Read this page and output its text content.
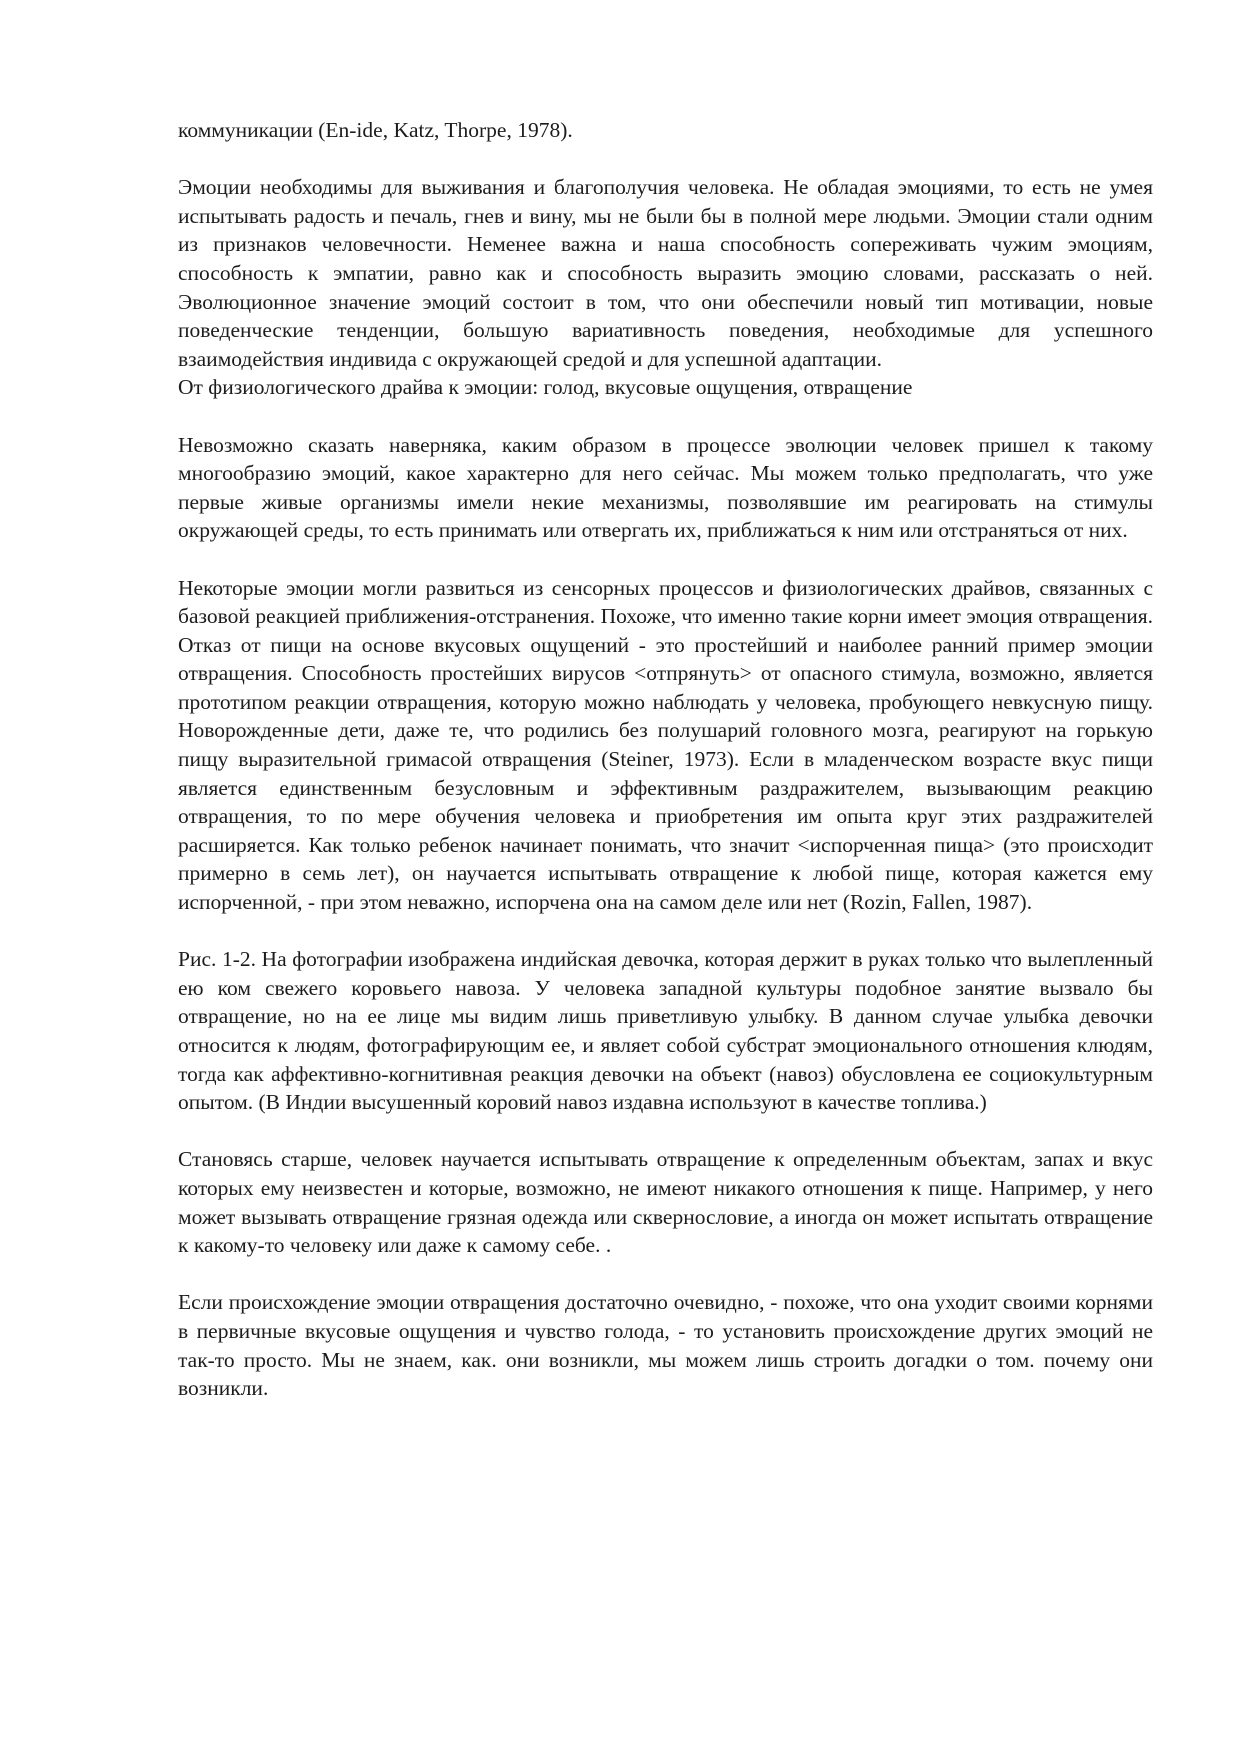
коммуникации (En-ide, Katz, Thorpe, 1978).

Эмоции необходимы для выживания и благополучия человека. Не обладая эмоциями, то есть не умея испытывать радость и печаль, гнев и вину, мы не были бы в полной мере людьми. Эмоции стали одним из признаков человечности. Неменее важна и наша способность сопереживать чужим эмоциям, способность к эмпатии, равно как и способность выразить эмоцию словами, рассказать о ней. Эволюционное значение эмоций состоит в том, что они обеспечили новый тип мотивации, новые поведенческие тенденции, большую вариативность поведения, необходимые для успешного взаимодействия индивида с окружающей средой и для успешной адаптации.

От физиологического драйва к эмоции: голод, вкусовые ощущения, отвращение

Невозможно сказать наверняка, каким образом в процессе эволюции человек пришел к такому многообразию эмоций, какое характерно для него сейчас. Мы можем только предполагать, что уже первые живые организмы имели некие механизмы, позволявшие им реагировать на стимулы окружающей среды, то есть принимать или отвергать их, приближаться к ним или отстраняться от них.

Некоторые эмоции могли развиться из сенсорных процессов и физиологических драйвов, связанных с базовой реакцией приближения-отстранения. Похоже, что именно такие корни имеет эмоция отвращения. Отказ от пищи на основе вкусовых ощущений - это простейший и наиболее ранний пример эмоции отвращения. Способность простейших вирусов <отпрянуть> от опасного стимула, возможно, является прототипом реакции отвращения, которую можно наблюдать у человека, пробующего невкусную пищу. Новорожденные дети, даже те, что родились без полушарий головного мозга, реагируют на горькую пищу выразительной гримасой отвращения (Steiner, 1973). Если в младенческом возрасте вкус пищи является единственным безусловным и эффективным раздражителем, вызывающим реакцию отвращения, то по мере обучения человека и приобретения им опыта круг этих раздражителей расширяется. Как только ребенок начинает понимать, что значит <испорченная пища> (это происходит примерно в семь лет), он научается испытывать отвращение к любой пище, которая кажется ему испорченной, - при этом неважно, испорчена она на самом деле или нет (Rozin, Fallen, 1987).

Рис. 1-2. На фотографии изображена индийская девочка, которая держит в руках только что вылепленный ею ком свежего коровьего навоза. У человека западной культуры подобное занятие вызвало бы отвращение, но на ее лице мы видим лишь приветливую улыбку. В данном случае улыбка девочки относится к людям, фотографирующим ее, и являет собой субстрат эмоционального отношения клюдям, тогда как аффективно-когнитивная реакция девочки на объект (навоз) обусловлена ее социокультурным опытом. (В Индии высушенный коровий навоз издавна используют в качестве топлива.)

Становясь старше, человек научается испытывать отвращение к определенным объектам, запах и вкус которых ему неизвестен и которые, возможно, не имеют никакого отношения к пище. Например, у него может вызывать отвращение грязная одежда или сквернословие, а иногда он может испытать отвращение к какому-то человеку или даже к самому себе. .

Если происхождение эмоции отвращения достаточно очевидно, - похоже, что она уходит своими корнями в первичные вкусовые ощущения и чувство голода, - то установить происхождение других эмоций не так-то просто. Мы не знаем, как. они возникли, мы можем лишь строить догадки о том. почему они возникли.
